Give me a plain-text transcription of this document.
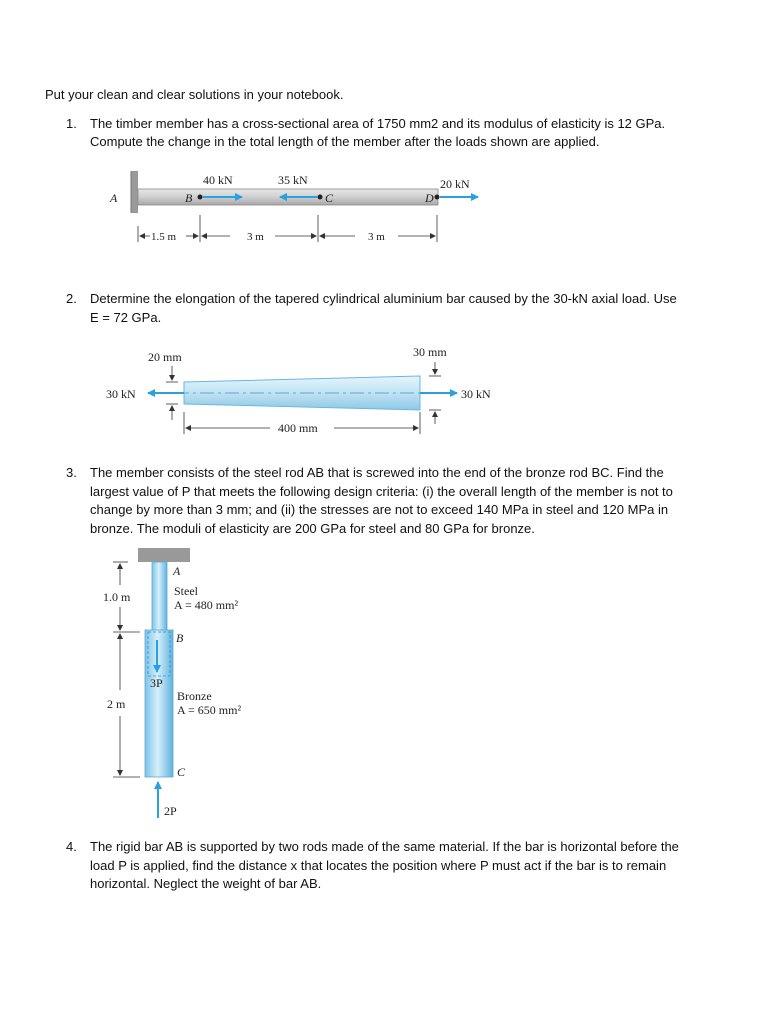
Put your clean and clear solutions in your notebook.
1. The timber member has a cross-sectional area of 1750 mm2 and its modulus of elasticity is 12 GPa.
Compute the change in the total length of the member after the loads shown are applied.
A	B	C	D
40 kN	35 kN	20 kN
1.5 m	3 m	3 m
30 kN	30 kN
20 mm	30 mm
400 mm
A
B
C
Steel
A = 480 mm²
Bronze
A = 650 mm²
3P
2P
1.0 m
2 m
2. Determine the elongation of the tapered cylindrical aluminium bar caused by the 30-kN axial load. Use
E = 72 GPa.
3. The member consists of the steel rod AB that is screwed into the end of the bronze rod BC. Find the
largest value of P that meets the following design criteria: (i) the overall length of the member is not to
change by more than 3 mm; and (ii) the stresses are not to exceed 140 MPa in steel and 120 MPa in
bronze. The moduli of elasticity are 200 GPa for steel and 80 GPa for bronze.
4. The rigid bar AB is supported by two rods made of the same material. If the bar is horizontal before the
load P is applied, find the distance x that locates the position where P must act if the bar is to remain
horizontal. Neglect the weight of bar AB.
